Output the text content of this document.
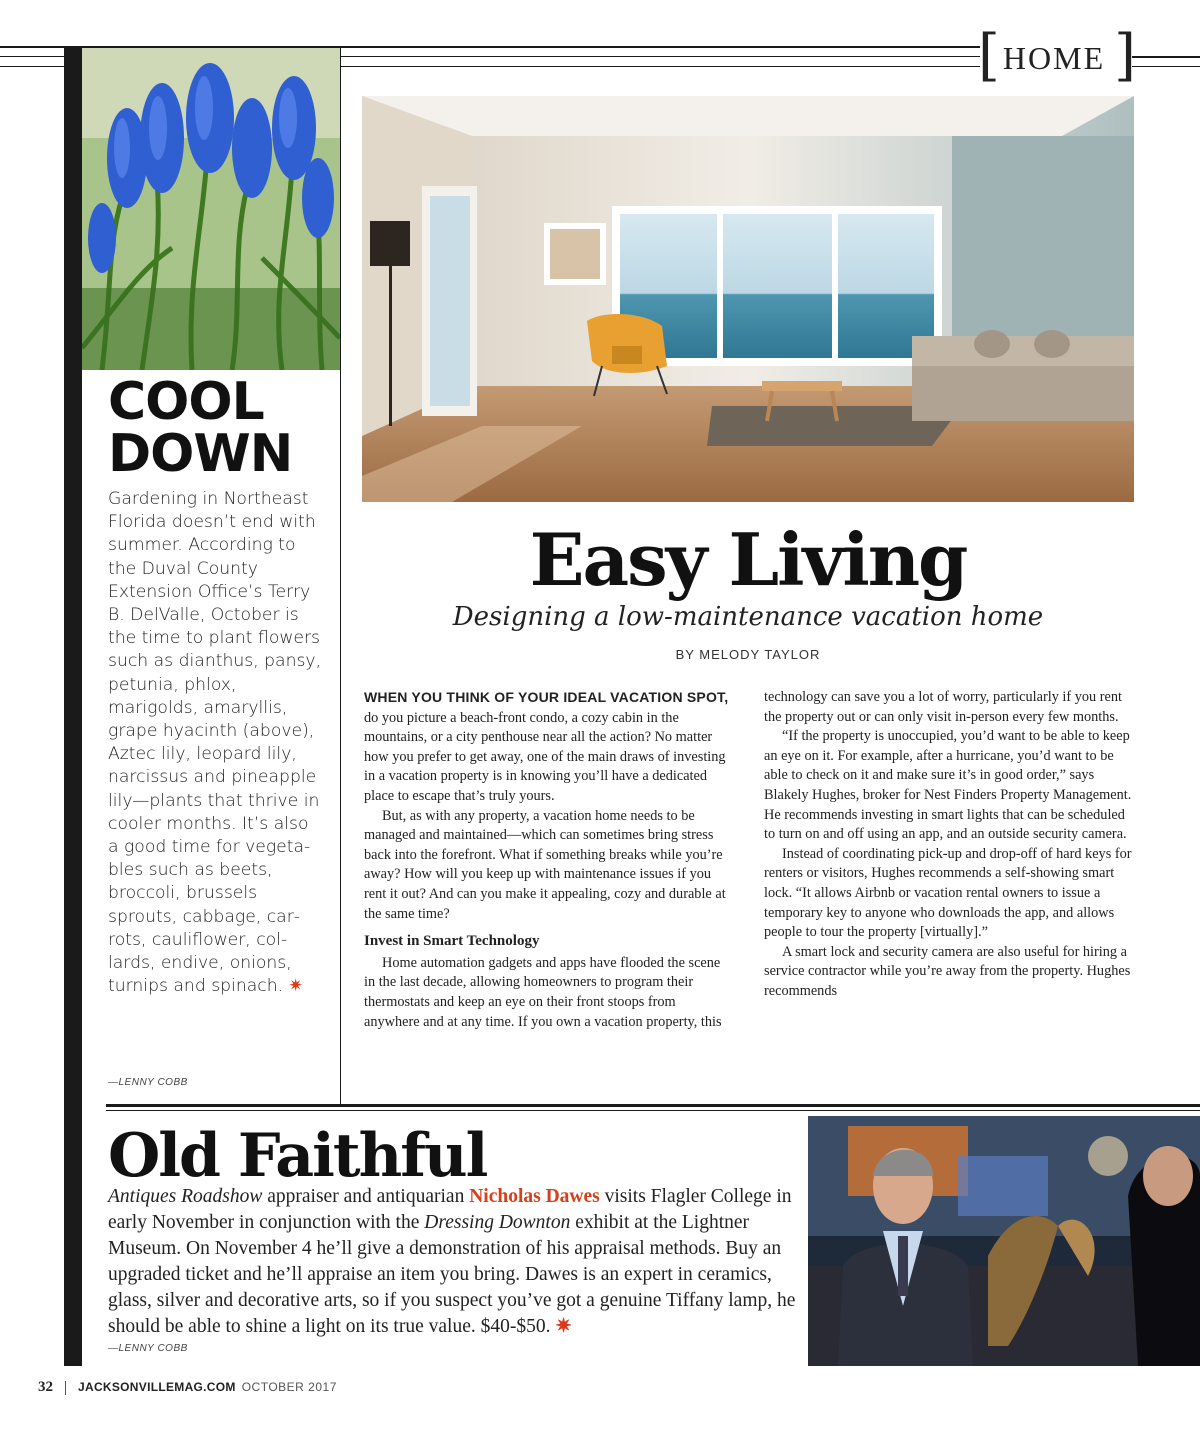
[ HOME ]
COOL
DOWN

Gardening in Northeast Florida doesn’t end with summer. According to the Duval County Extension Office’s Terry B. DelValle, October is the time to plant flowers such as dianthus, pansy, petunia, phlox, marigolds, amaryllis, grape hyacinth (above), Aztec lily, leopard lily, narcissus and pineapple lily—plants that thrive in cooler months. It’s also a good time for vegetables such as beets, broccoli, brussels sprouts, cabbage, carrots, cauliflower, collards, endive, onions, turnips and spinach. ✷

—LENNY COBB

Easy Living

Designing a low-maintenance vacation home

BY MELODY TAYLOR

WHEN YOU THINK OF YOUR IDEAL VACATION SPOT, do you picture a beach-front condo, a cozy cabin in the mountains, or a city penthouse near all the action? No matter how you prefer to get away, one of the main draws of investing in a vacation property is in knowing you’ll have a dedicated place to escape that’s truly yours.

But, as with any property, a vacation home needs to be managed and maintained—which can sometimes bring stress back into the forefront. What if something breaks while you’re away? How will you keep up with maintenance issues if you rent it out? And can you make it appealing, cozy and durable at the same time?

Invest in Smart Technology

Home automation gadgets and apps have flooded the scene in the last decade, allowing homeowners to program their thermostats and keep an eye on their front stoops from anywhere and at any time. If you own a vacation property, this

technology can save you a lot of worry, particularly if you rent the property out or can only visit in-person every few months.

“If the property is unoccupied, you’d want to be able to keep an eye on it. For example, after a hurricane, you’d want to be able to check on it and make sure it’s in good order,” says Blakely Hughes, broker for Nest Finders Property Management. He recommends investing in smart lights that can be scheduled to turn on and off using an app, and an outside security camera.

Instead of coordinating pick-up and drop-off of hard keys for renters or visitors, Hughes recommends a self-showing smart lock. “It allows Airbnb or vacation rental owners to issue a temporary key to anyone who downloads the app, and allows people to tour the property [virtually].”

A smart lock and security camera are also useful for hiring a service contractor while you’re away from the property. Hughes recommends

Old Faithful

Antiques Roadshow appraiser and antiquarian Nicholas Dawes visits Flagler College in early November in conjunction with the Dressing Downton exhibit at the Lightner Museum. On November 4 he’ll give a demonstration of his appraisal methods. Buy an upgraded ticket and he’ll appraise an item you bring. Dawes is an expert in ceramics, glass, silver and decorative arts, so if you suspect you’ve got a genuine Tiffany lamp, he should be able to shine a light on its true value. $40-$50. ✷

—LENNY COBB

32 JACKSONVILLEMAG.COM OCTOBER 2017
